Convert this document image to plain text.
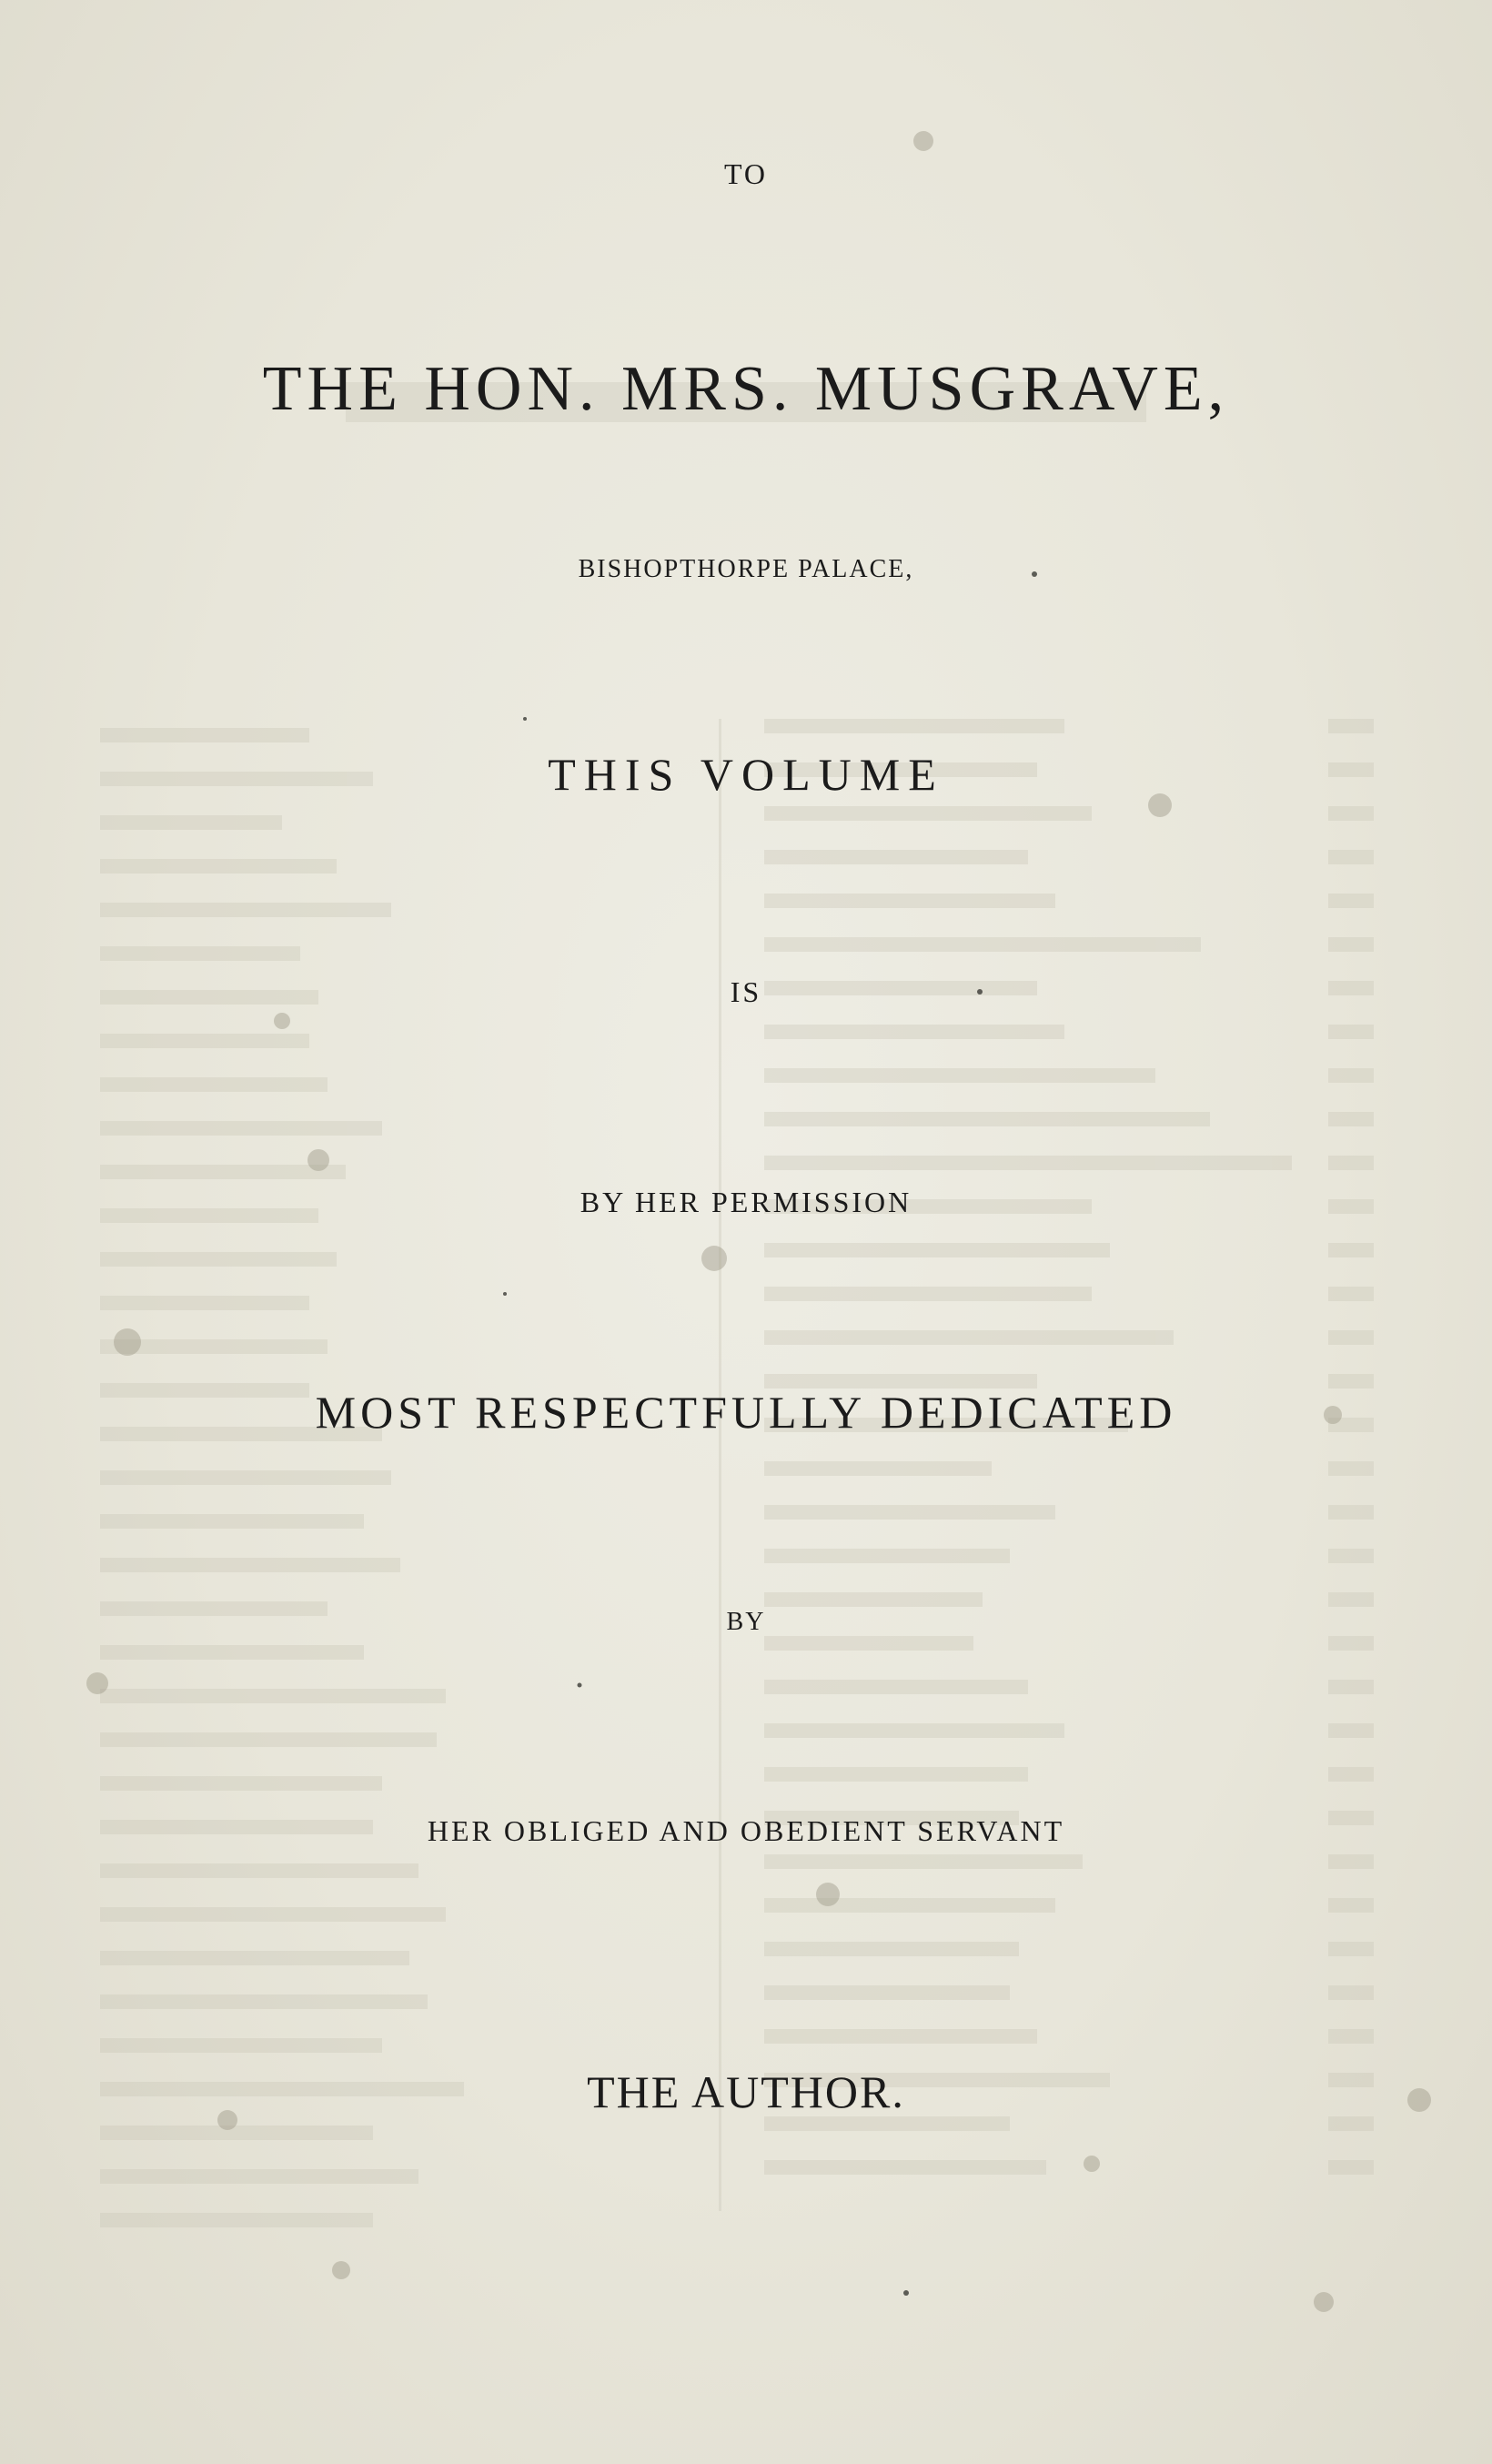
TO

THE HON. MRS. MUSGRAVE,

BISHOPTHORPE PALACE,

THIS VOLUME

IS

BY HER PERMISSION

MOST RESPECTFULLY DEDICATED

BY

HER OBLIGED AND OBEDIENT SERVANT

THE AUTHOR.
